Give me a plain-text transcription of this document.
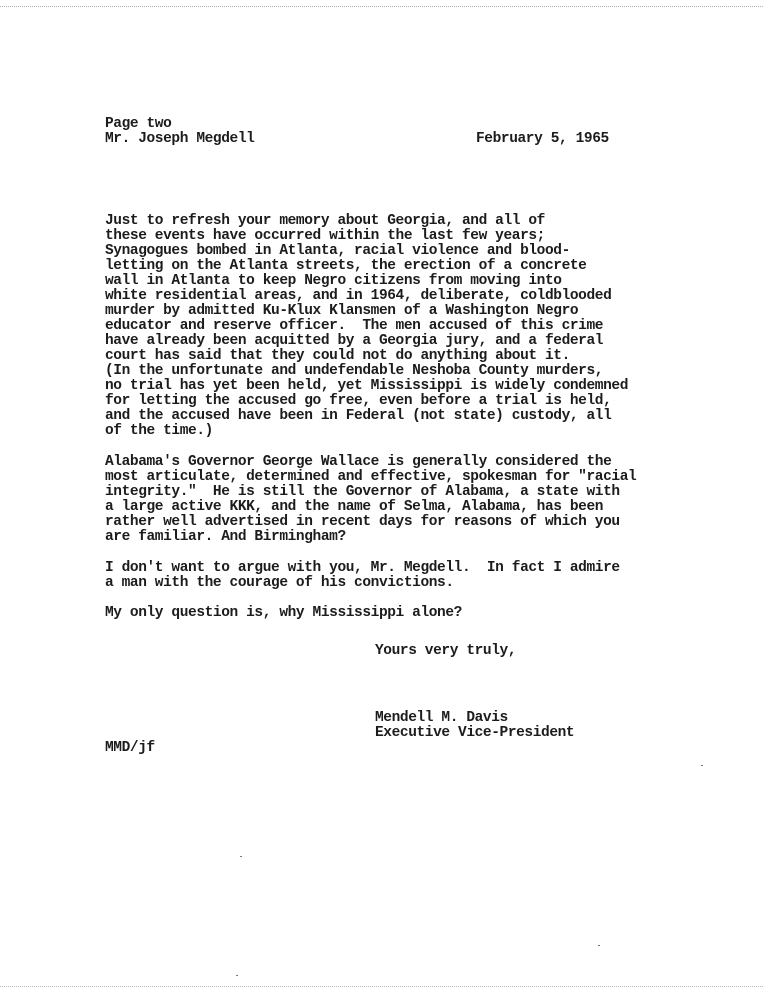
Page two
Mr. Joseph Megdell	February 5, 1965
Just to refresh your memory about Georgia, and all of
these events have occurred within the last few years;
Synagogues bombed in Atlanta, racial violence and blood-
letting on the Atlanta streets, the erection of a concrete
wall in Atlanta to keep Negro citizens from moving into
white residential areas, and in 1964, deliberate, coldblooded
murder by admitted Ku-Klux Klansmen of a Washington Negro
educator and reserve officer.  The men accused of this crime
have already been acquitted by a Georgia jury, and a federal
court has said that they could not do anything about it.
(In the unfortunate and undefendable Neshoba County murders,
no trial has yet been held, yet Mississippi is widely condemned
for letting the accused go free, even before a trial is held,
and the accused have been in Federal (not state) custody, all
of the time.)
Alabama's Governor George Wallace is generally considered the
most articulate, determined and effective, spokesman for "racial
integrity."  He is still the Governor of Alabama, a state with
a large active KKK, and the name of Selma, Alabama, has been
rather well advertised in recent days for reasons of which you
are familiar. And Birmingham?
I don't want to argue with you, Mr. Megdell.  In fact I admire
a man with the courage of his convictions.
My only question is, why Mississippi alone?
Yours very truly,
Mendell M. Davis
Executive Vice-President
MMD/jf
